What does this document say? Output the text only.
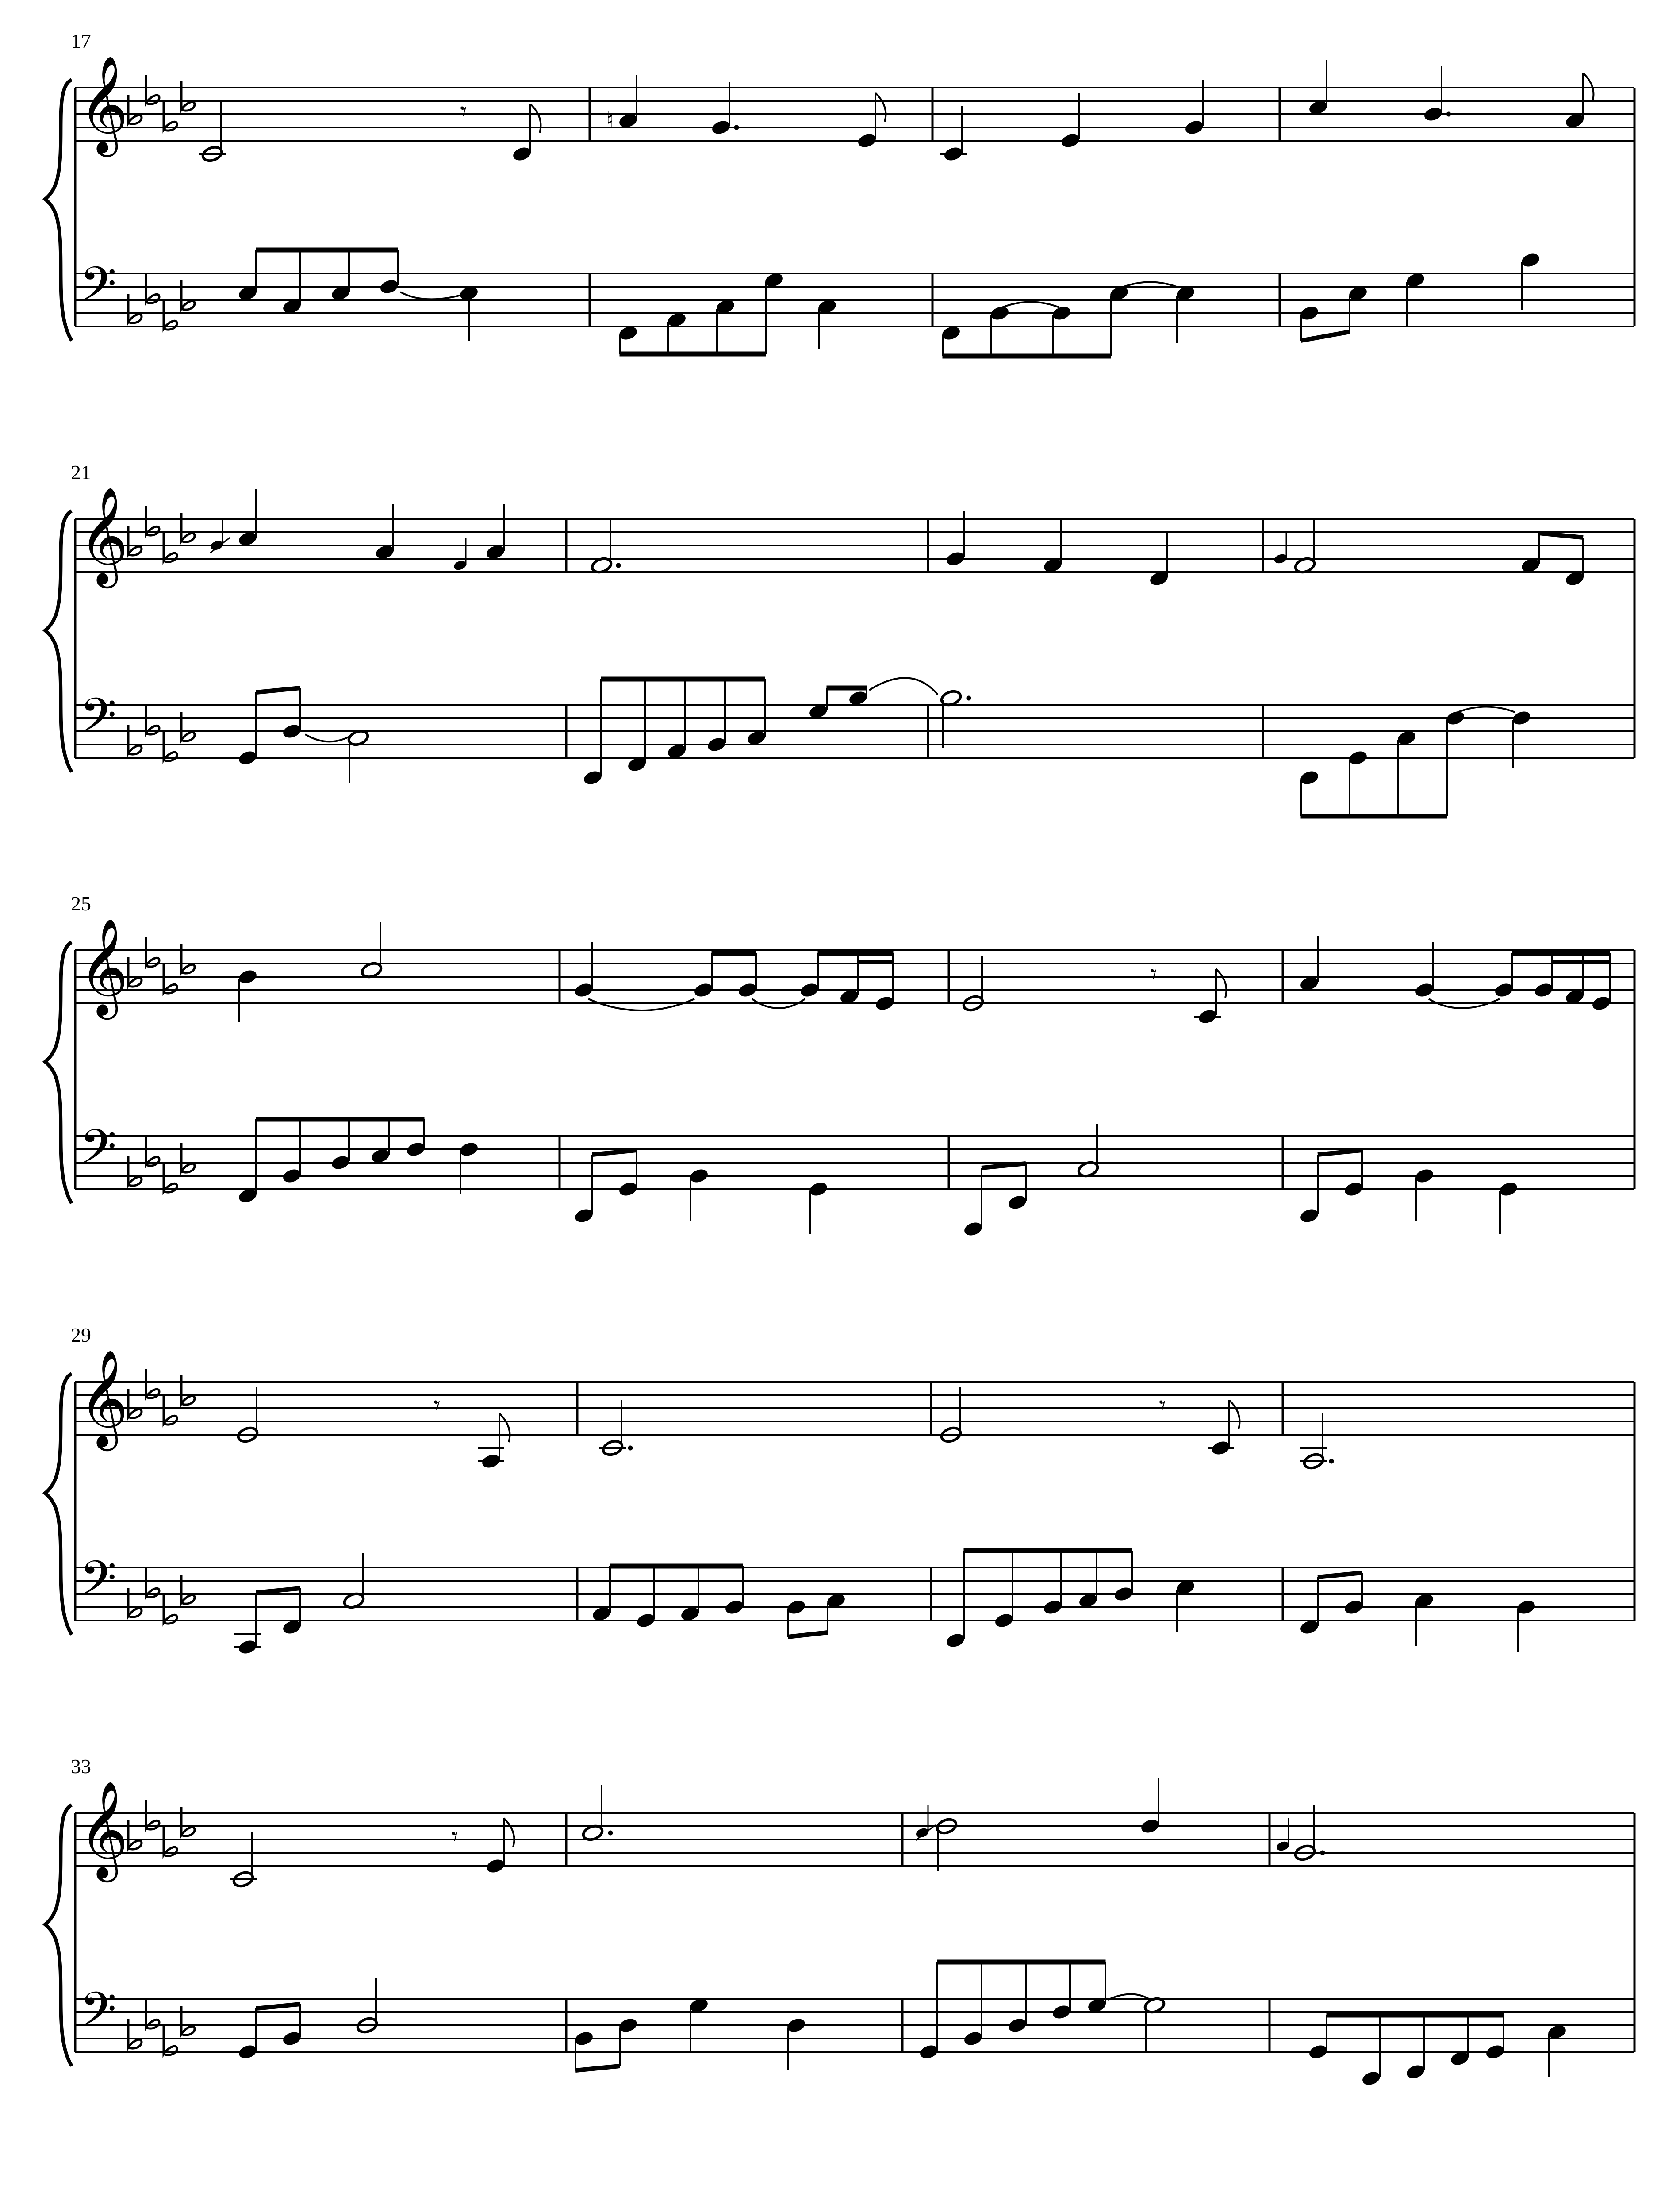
17
𝄞
𝄢
𝄾	♮
21
𝄞
𝄢
25
𝄞
𝄢
𝄾
29
𝄞
𝄢
𝄾	𝄾
33
𝄞
𝄢
𝄾
